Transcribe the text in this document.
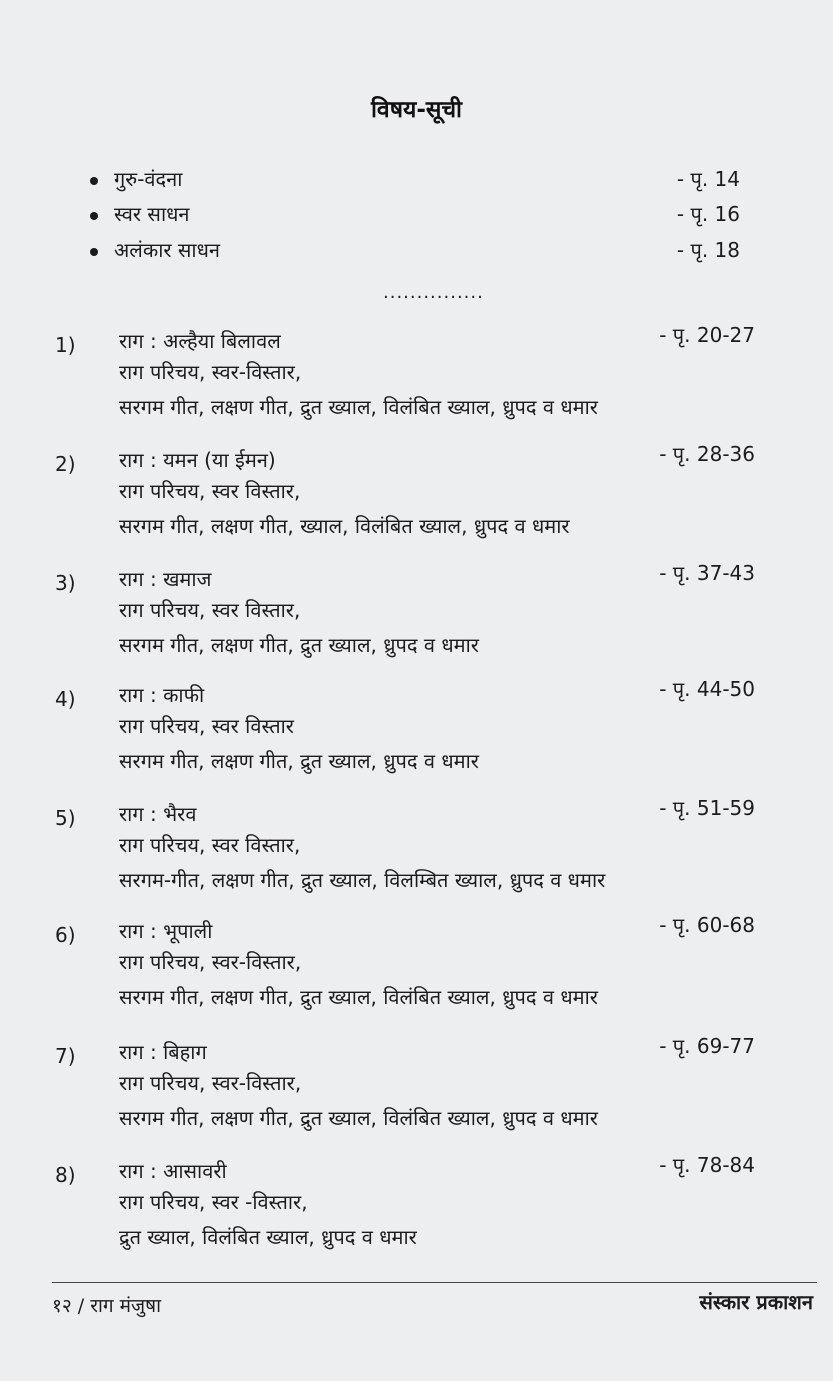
विषय-सूची
गुरु-वंदना	- पृ. 14
स्वर साधन	- पृ. 16
अलंकार साधन	- पृ. 18
...............
1) राग : अल्हैया बिलावल	- पृ. 20-27
राग परिचय, स्वर-विस्तार,
सरगम गीत, लक्षण गीत, द्रुत ख्याल, विलंबित ख्याल, ध्रुपद व धमार
2) राग : यमन (या ईमन)	- पृ. 28-36
राग परिचय, स्वर विस्तार,
सरगम गीत, लक्षण गीत, ख्याल, विलंबित ख्याल, ध्रुपद व धमार
3) राग : खमाज	- पृ. 37-43
राग परिचय, स्वर विस्तार,
सरगम गीत, लक्षण गीत, द्रुत ख्याल, ध्रुपद व धमार
4) राग : काफी	- पृ. 44-50
राग परिचय, स्वर विस्तार
सरगम गीत, लक्षण गीत, द्रुत ख्याल, ध्रुपद व धमार
5) राग : भैरव	- पृ. 51-59
राग परिचय, स्वर विस्तार,
सरगम-गीत, लक्षण गीत, द्रुत ख्याल, विलम्बित ख्याल, ध्रुपद व धमार
6) राग : भूपाली	- पृ. 60-68
राग परिचय, स्वर-विस्तार,
सरगम गीत, लक्षण गीत, द्रुत ख्याल, विलंबित ख्याल, ध्रुपद व धमार
7) राग : बिहाग	- पृ. 69-77
राग परिचय, स्वर-विस्तार,
सरगम गीत, लक्षण गीत, द्रुत ख्याल, विलंबित ख्याल, ध्रुपद व धमार
8) राग : आसावरी	- पृ. 78-84
राग परिचय, स्वर -विस्तार,
द्रुत ख्याल, विलंबित ख्याल, ध्रुपद व धमार
१२ / राग मंजुषा	संस्कार प्रकाशन
